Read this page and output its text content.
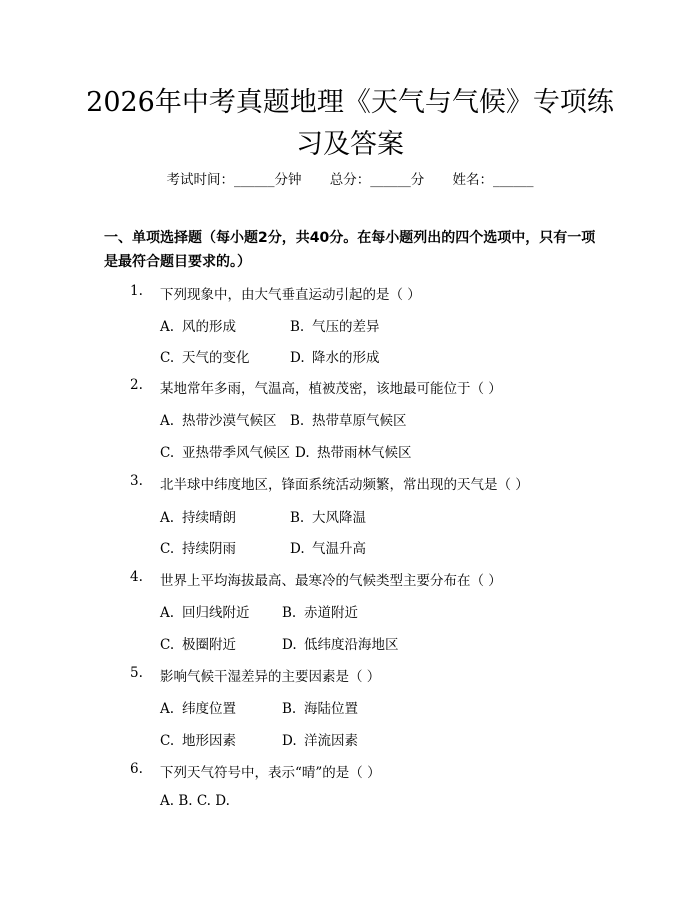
2026年中考真题地理《天气与气候》专项练
习及答案
考试时间：______分钟 总分：______分 姓名：______
一、单项选择题（每小题2分，共40分。在每小题列出的四个选项中，只有一项是最符合题目要求的。）
1. 下列现象中，由大气垂直运动引起的是（ ）
A. 风的形成	B. 气压的差异
C. 天气的变化	D. 降水的形成
2. 某地常年多雨，气温高，植被茂密，该地最可能位于（ ）
A. 热带沙漠气候区 B. 热带草原气候区
C. 亚热带季风气候区 D. 热带雨林气候区
3. 北半球中纬度地区，锋面系统活动频繁，常出现的天气是（ ）
A. 持续晴朗	B. 大风降温
C. 持续阴雨	D. 气温升高
4. 世界上平均海拔最高、最寒冷的气候类型主要分布在（ ）
A. 回归线附近 B. 赤道附近
C. 极圈附近	D. 低纬度沿海地区
5. 影响气候干湿差异的主要因素是（ ）
A. 纬度位置	B. 海陆位置
C. 地形因素	D. 洋流因素
6. 下列天气符号中，表示“晴”的是（ ）
A. B. C. D.
